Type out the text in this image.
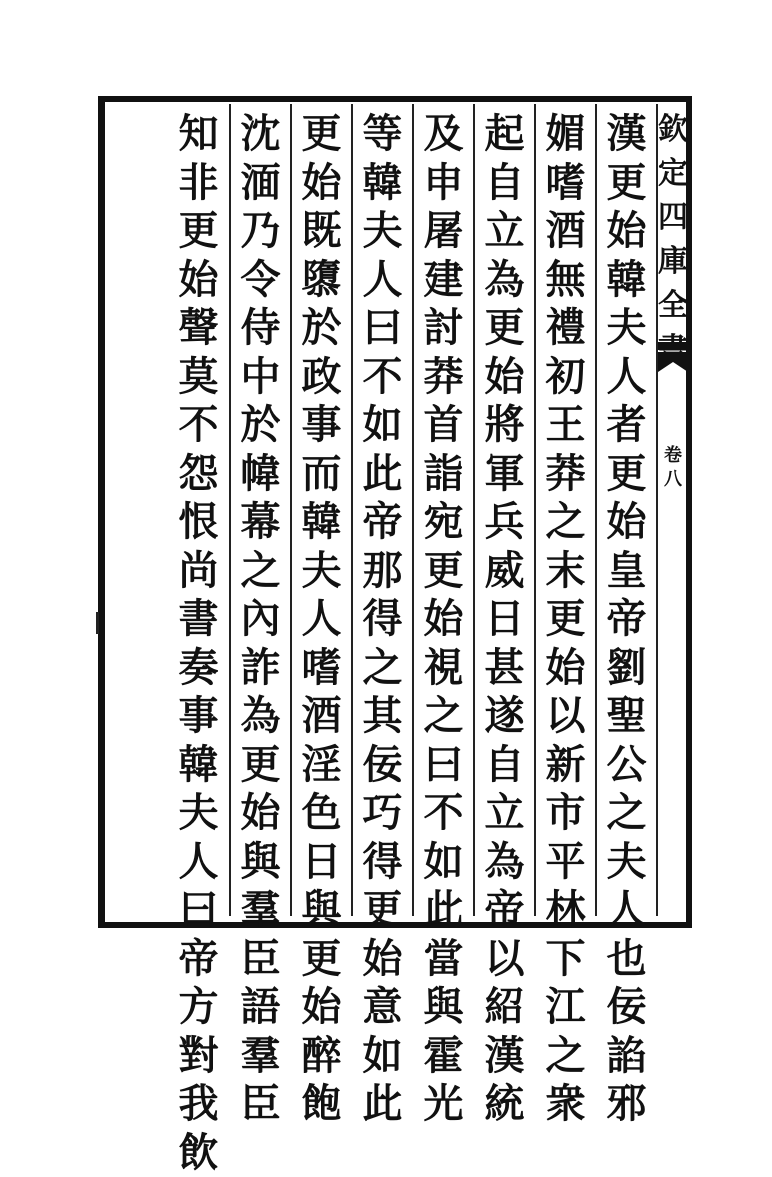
欽
定
四
庫
全
卷
八
漢
更
始
韓
夫
人
者
更
始
皇
帝
劉
聖
公
之
夫
人
也
佞
諂
邪
媚
嗜
酒
無
禮
初
王
莽
之
末
更
始
以
新
市
平
林
下
江
之
衆
起
自
立
為
更
始
將
軍
兵
威
日
甚
遂
自
立
為
帝
以
紹
漢
統
及
申
屠
建
討
莽
首
詣
宛
更
始
視
之
曰
不
如
此
當
與
霍
光
等
韓
夫
人
曰
不
如
此
帝
那
得
之
其
佞
巧
得
更
始
意
如
此
更
始
既
隳
於
政
事
而
韓
夫
人
嗜
酒
淫
色
日
與
更
始
醉
飽
沈
湎
乃
令
侍
中
於
幃
幕
之
內
詐
為
更
始
與
羣
臣
語
羣
臣
知
非
更
始
聲
莫
不
怨
恨
尚
書
奏
事
韓
夫
人
曰
帝
方
對
我
飲
